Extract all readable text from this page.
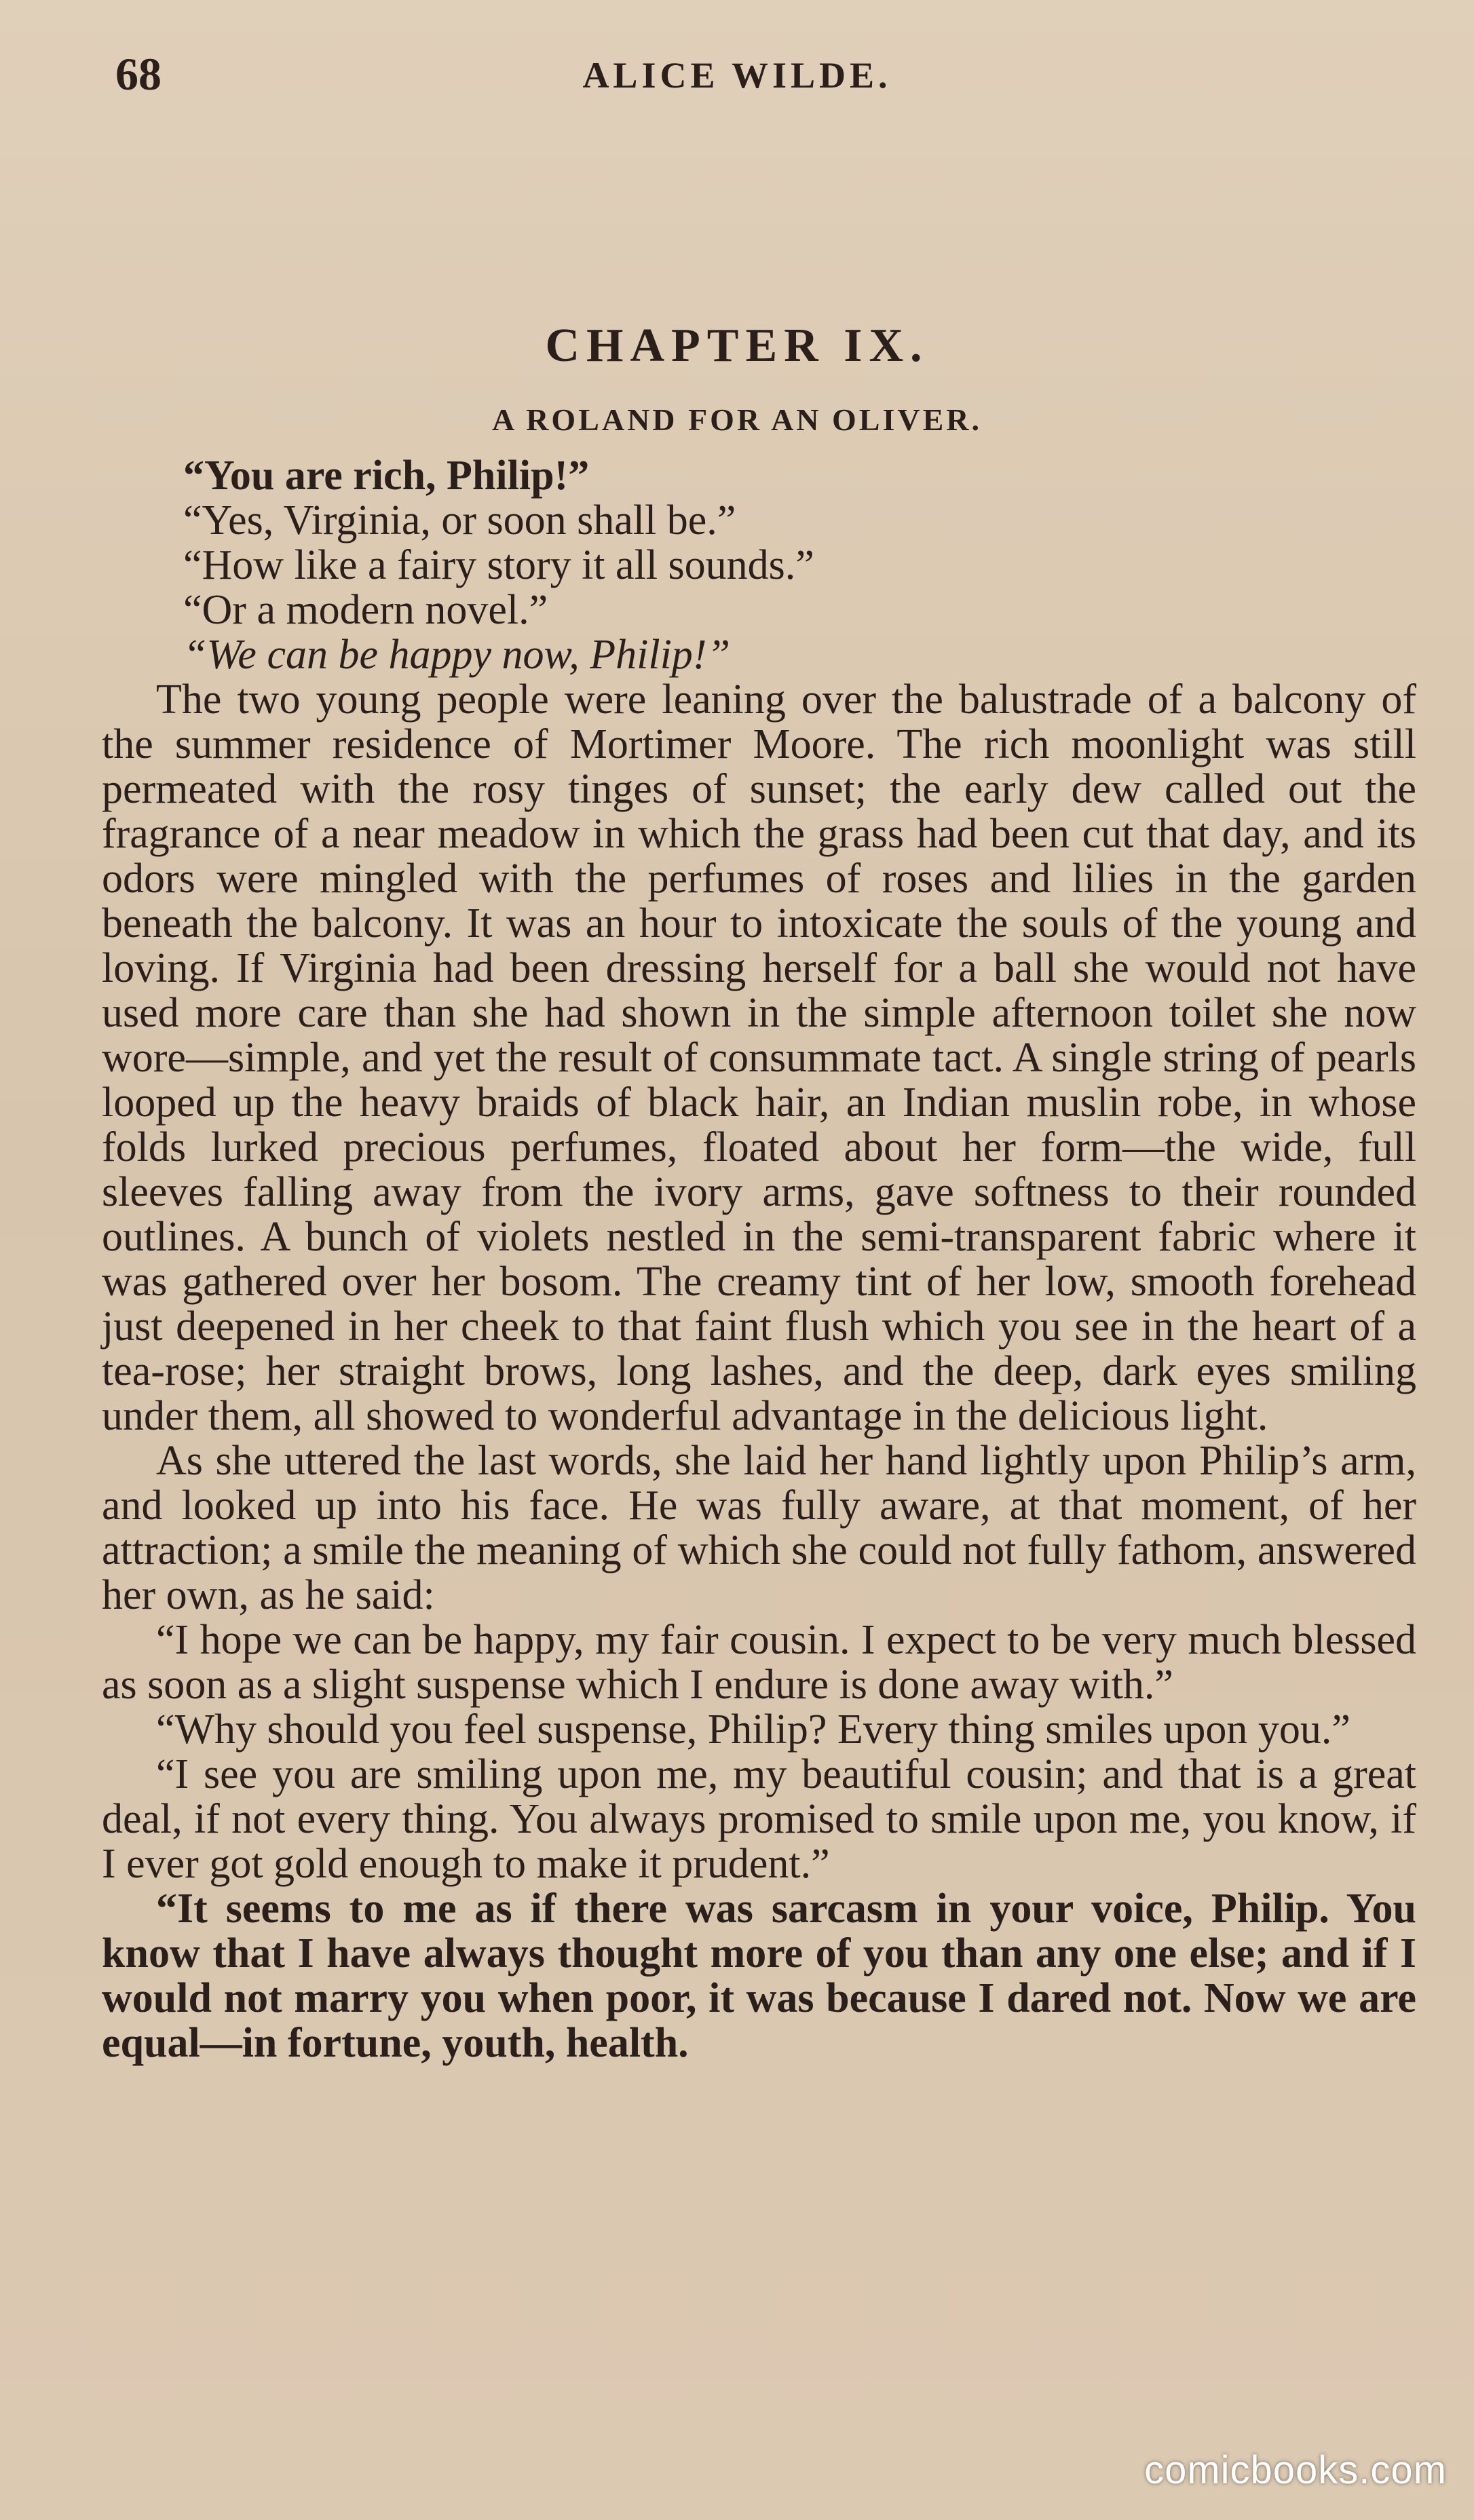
68	ALICE WILDE.
CHAPTER IX.
A ROLAND FOR AN OLIVER.

“You are rich, Philip!”

“Yes, Virginia, or soon shall be.”

“How like a fairy story it all sounds.”

“Or a modern novel.”

“We can be happy now, Philip!”

The two young people were leaning over the balustrade of a balcony of the summer residence of Mortimer Moore. The rich moonlight was still permeated with the rosy tinges of sunset; the early dew called out the fragrance of a near meadow in which the grass had been cut that day, and its odors were mingled with the perfumes of roses and lilies in the garden beneath the balcony. It was an hour to intoxicate the souls of the young and loving. If Virginia had been dressing herself for a ball she would not have used more care than she had shown in the simple afternoon toilet she now wore—simple, and yet the result of consummate tact. A single string of pearls looped up the heavy braids of black hair, an Indian muslin robe, in whose folds lurked precious perfumes, floated about her form—the wide, full sleeves falling away from the ivory arms, gave softness to their rounded outlines. A bunch of violets nestled in the semi-transparent fabric where it was gathered over her bosom. The creamy tint of her low, smooth forehead just deepened in her cheek to that faint flush which you see in the heart of a tea-rose; her straight brows, long lashes, and the deep, dark eyes smiling under them, all showed to wonderful advantage in the delicious light.

As she uttered the last words, she laid her hand lightly upon Philip’s arm, and looked up into his face. He was fully aware, at that moment, of her attraction; a smile the meaning of which she could not fully fathom, answered her own, as he said:

“I hope we can be happy, my fair cousin. I expect to be very much blessed as soon as a slight suspense which I endure is done away with.”

“Why should you feel suspense, Philip? Every thing smiles upon you.”

“I see you are smiling upon me, my beautiful cousin; and that is a great deal, if not every thing. You always promised to smile upon me, you know, if I ever got gold enough to make it prudent.”

“It seems to me as if there was sarcasm in your voice, Philip. You know that I have always thought more of you than any one else; and if I would not marry you when poor, it was because I dared not. Now we are equal—in fortune, youth, health.

comicbooks.com
